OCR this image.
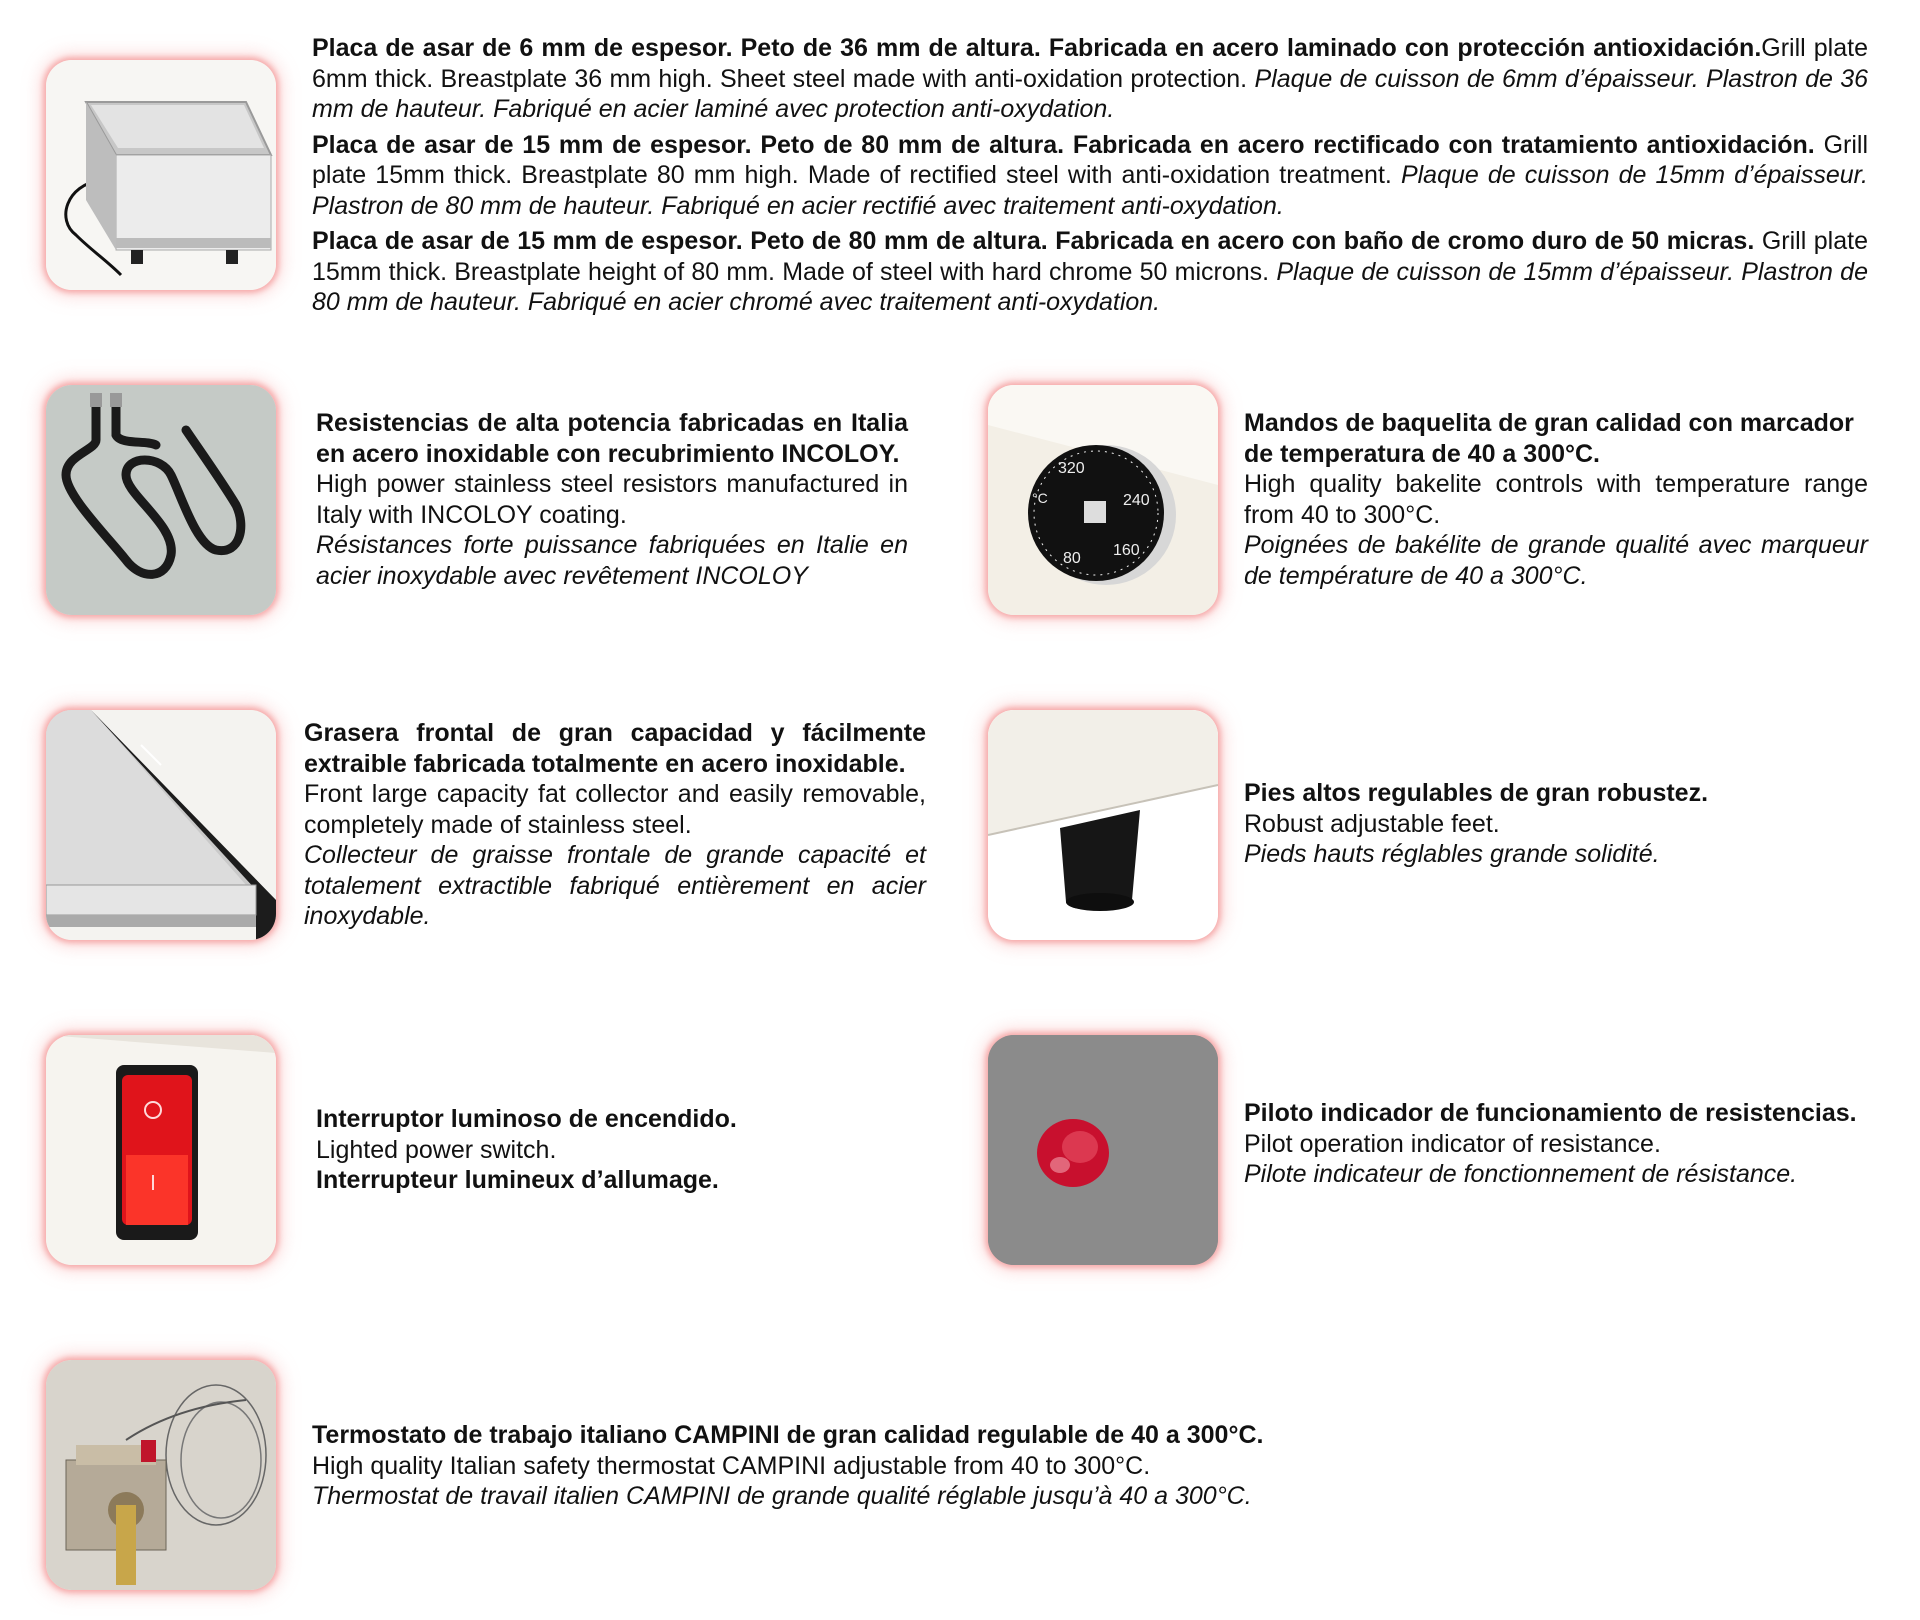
Placa de asar de 6 mm de espesor. Peto de 36 mm de altura. Fabricada en acero laminado con protección antioxidación.Grill plate 6mm thick. Breastplate 36 mm high. Sheet steel made with anti-oxidation protection. Plaque de cuisson de 6mm d’épaisseur. Plastron de 36 mm de hauteur. Fabriqué en acier laminé avec protection anti-oxydation.

Placa de asar de 15 mm de espesor. Peto de 80 mm de altura. Fabricada en acero rectificado con tratamiento antioxidación. Grill plate 15mm thick. Breastplate 80 mm high. Made of rectified steel with anti-oxidation treatment. Plaque de cuisson de 15mm d’épaisseur. Plastron de 80 mm de hauteur. Fabriqué en acier rectifié avec traitement anti-oxydation.

Placa de asar de 15 mm de espesor. Peto de 80 mm de altura. Fabricada en acero con baño de cromo duro de 50 micras. Grill plate 15mm thick. Breastplate height of 80 mm. Made of steel with hard chrome 50 microns. Plaque de cuisson de 15mm d’épaisseur. Plastron de 80 mm de hauteur. Fabriqué en acier chromé avec traitement anti-oxydation.

Resistencias de alta potencia fabricadas en Italia en acero inoxidable con recubrimiento INCOLOY.

High power stainless steel resistors manufactured in Italy with INCOLOY coating.

Résistances forte puissance fabriquées en Italie en acier inoxydable avec revêtement INCOLOY

320
240
160
80
°C

Mandos de baquelita de gran calidad con marcador de temperatura de 40 a 300°C.

High quality bakelite controls with temperature range from 40 to 300°C.

Poignées de bakélite de grande qualité avec marqueur de température de 40 a 300°C.

Grasera frontal de gran capacidad y fácilmente extraible fabricada totalmente en acero inoxidable.

Front large capacity fat collector and easily removable, completely made of stainless steel.

Collecteur de graisse frontale de grande capacité et totalement extractible fabriqué entièrement en acier inoxydable.

Pies altos regulables de gran robustez.

Robust adjustable feet.

Pieds hauts réglables grande solidité.

Interruptor luminoso de encendido.

Lighted power switch.

Interrupteur lumineux d’allumage.

Piloto indicador de funcionamiento de resistencias.

Pilot operation indicator of resistance.

Pilote indicateur de fonctionnement de résistance.

Termostato de trabajo italiano CAMPINI de gran calidad regulable de 40 a 300°C.

High quality Italian safety thermostat CAMPINI adjustable from 40 to 300°C.

Thermostat de travail italien CAMPINI de grande qualité réglable jusqu’à 40 a 300°C.
